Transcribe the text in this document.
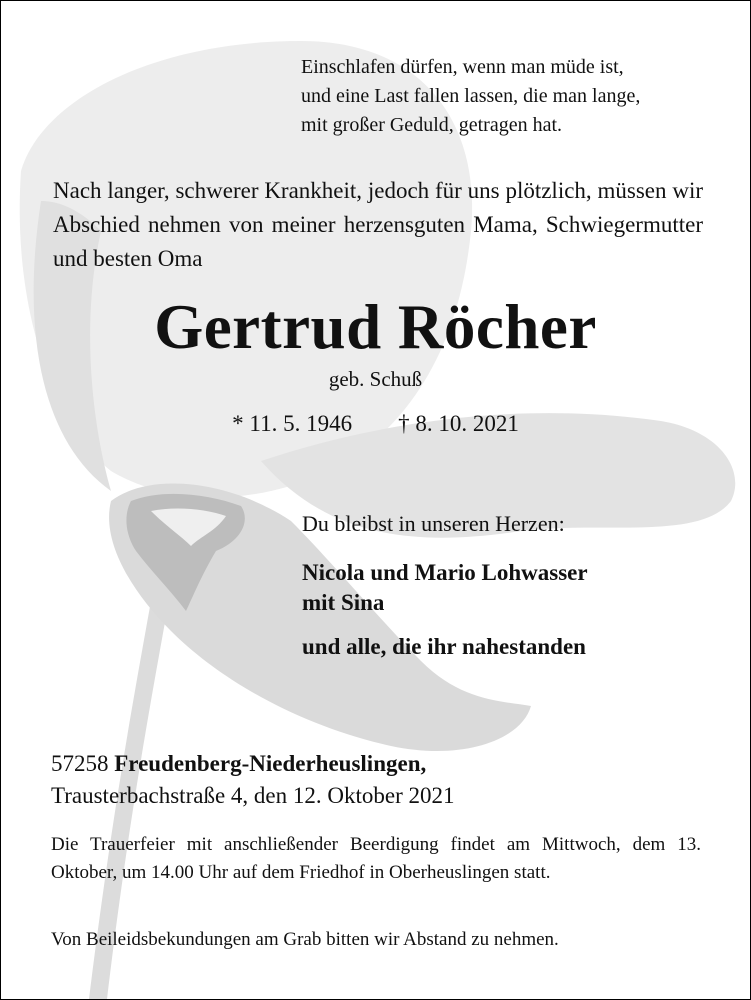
Einschlafen dürfen, wenn man müde ist,
und eine Last fallen lassen, die man lange,
mit großer Geduld, getragen hat.

Nach langer, schwerer Krankheit, jedoch für uns plötzlich, müssen wir Abschied nehmen von meiner herzensguten Mama, Schwiegermutter und besten Oma

Gertrud Röcher

geb. Schuß

* 11. 5. 1946 † 8. 10. 2021

Du bleibst in unseren Herzen:

Nicola und Mario Lohwasser
mit Sina

und alle, die ihr nahestanden

57258 Freudenberg-Niederheuslingen,
Trausterbachstraße 4, den 12. Oktober 2021

Die Trauerfeier mit anschließender Beerdigung findet am Mittwoch, dem 13. Oktober, um 14.00 Uhr auf dem Friedhof in Oberheuslingen statt.

Von Beileidsbekundungen am Grab bitten wir Abstand zu nehmen.
